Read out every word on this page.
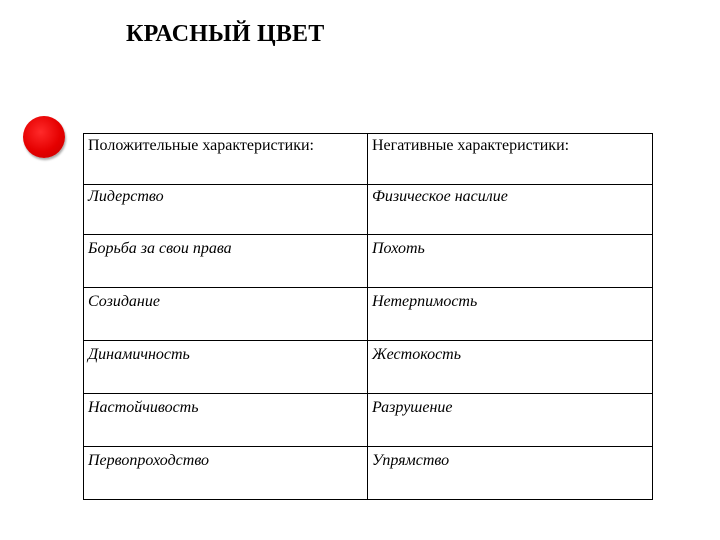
КРАСНЫЙ ЦВЕТ
Положительные характеристики:	Негативные характеристики:
Лидерство	Физическое насилие
Борьба за свои права	Похоть
Созидание	Нетерпимость
Динамичность	Жестокость
Настойчивость	Разрушение
Первопроходство	Упрямство
